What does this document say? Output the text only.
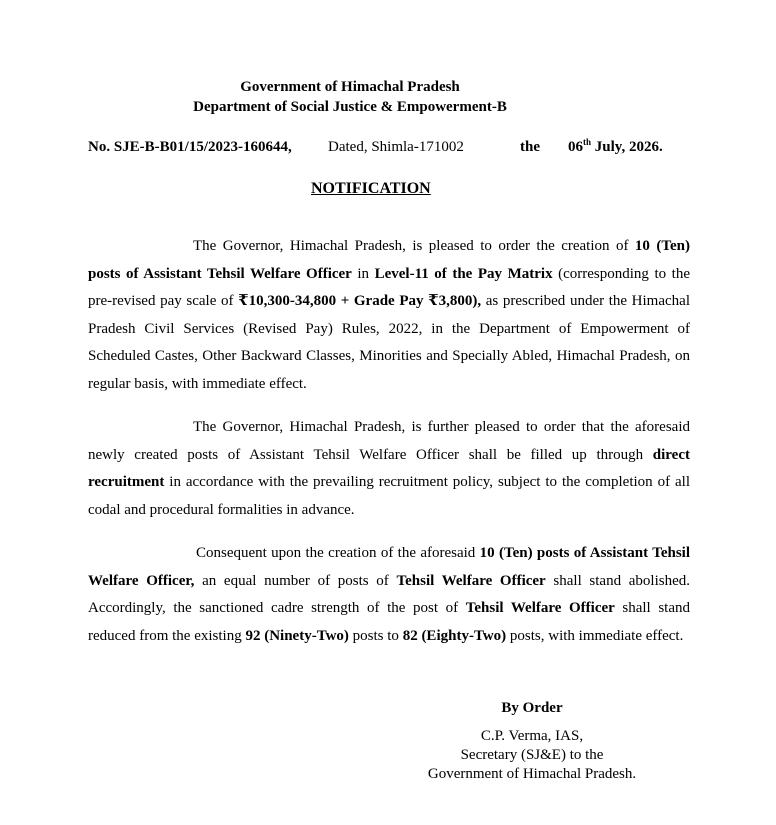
Government of Himachal Pradesh
Department of Social Justice & Empowerment-B
No. SJE-B-B01/15/2023-160644, Dated, Shimla-171002	the 06th July, 2026.
NOTIFICATION
The Governor, Himachal Pradesh, is pleased to order the creation of 10 (Ten) posts of Assistant Tehsil Welfare Officer in Level-11 of the Pay Matrix (corresponding to the pre-revised pay scale of ₹10,300-34,800 + Grade Pay ₹3,800), as prescribed under the Himachal Pradesh Civil Services (Revised Pay) Rules, 2022, in the Department of Empowerment of Scheduled Castes, Other Backward Classes, Minorities and Specially Abled, Himachal Pradesh, on regular basis, with immediate effect.
The Governor, Himachal Pradesh, is further pleased to order that the aforesaid newly created posts of Assistant Tehsil Welfare Officer shall be filled up through direct recruitment in accordance with the prevailing recruitment policy, subject to the completion of all codal and procedural formalities in advance.
Consequent upon the creation of the aforesaid 10 (Ten) posts of Assistant Tehsil Welfare Officer, an equal number of posts of Tehsil Welfare Officer shall stand abolished. Accordingly, the sanctioned cadre strength of the post of Tehsil Welfare Officer shall stand reduced from the existing 92 (Ninety-Two) posts to 82 (Eighty-Two) posts, with immediate effect.
By Order
C.P. Verma, IAS,
Secretary (SJ&E) to the
Government of Himachal Pradesh.
